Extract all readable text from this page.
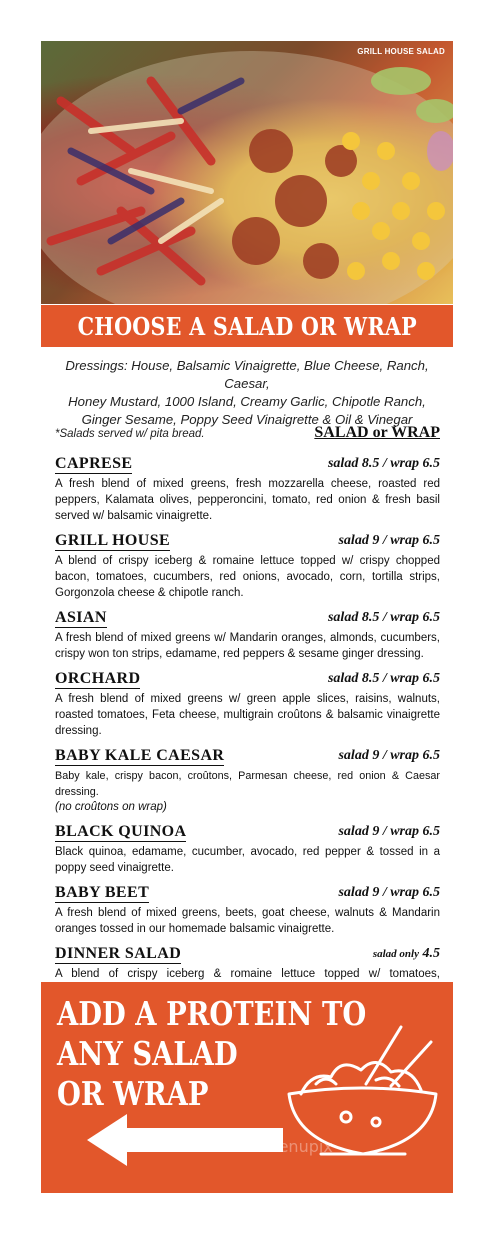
GRILL HOUSE SALAD
CHOOSE A SALAD OR WRAP
Dressings: House, Balsamic Vinaigrette, Blue Cheese, Ranch, Caesar,
Honey Mustard, 1000 Island, Creamy Garlic, Chipotle Ranch,
Ginger Sesame, Poppy Seed Vinaigrette & Oil & Vinegar
*Salads served w/ pita bread.	SALAD or WRAP
CAPRESE	salad 8.5 / wrap 6.5
A fresh blend of mixed greens, fresh mozzarella cheese, roasted red peppers, Kalamata olives, pepperoncini, tomato, red onion & fresh basil served w/ balsamic vinaigrette.
GRILL HOUSE	salad 9 / wrap 6.5
A blend of crispy iceberg & romaine lettuce topped w/ crispy chopped bacon, tomatoes, cucumbers, red onions, avocado, corn, tortilla strips, Gorgonzola cheese & chipotle ranch.
ASIAN	salad 8.5 / wrap 6.5
A fresh blend of mixed greens w/ Mandarin oranges, almonds, cucumbers, crispy won ton strips, edamame, red peppers & sesame ginger dressing.
ORCHARD	salad 8.5 / wrap 6.5
A fresh blend of mixed greens w/ green apple slices, raisins, walnuts, roasted tomatoes, Feta cheese, multigrain croûtons & balsamic vinaigrette dressing.
BABY KALE CAESAR	salad 9 / wrap 6.5
Baby kale, crispy bacon, croûtons, Parmesan cheese, red onion & Caesar dressing.
(no croûtons on wrap)
BLACK QUINOA	salad 9 / wrap 6.5
Black quinoa, edamame, cucumber, avocado, red pepper & tossed in a poppy seed vinaigrette.
BABY BEET	salad 9 / wrap 6.5
A fresh blend of mixed greens, beets, goat cheese, walnuts & Mandarin oranges tossed in our homemade balsamic vinaigrette.
DINNER SALAD	salad only 4.5
A blend of crispy iceberg & romaine lettuce topped w/ tomatoes,
ADD A PROTEIN TO
ANY SALAD
OR WRAP
menupix
